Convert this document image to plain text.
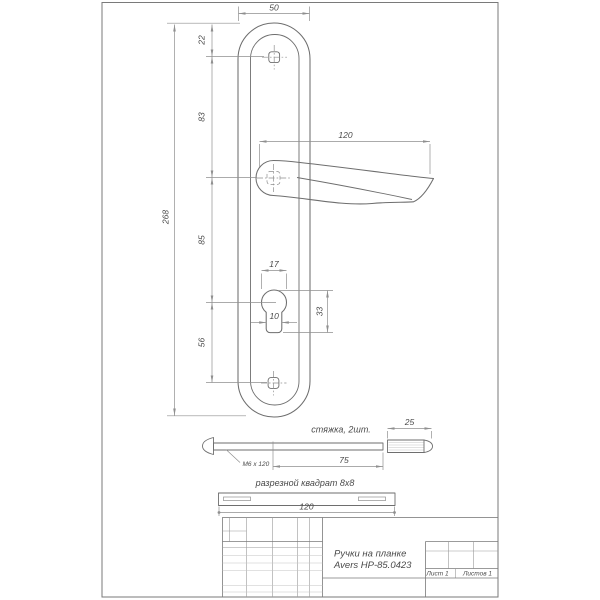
50
22
83
85
56
268
120
17
10	33
стяжка, 2шт.
75
M6 x 120
25
разрезной квадрат 8x8
120
Ручки на планке
Avers HP-85.0423
Лист 1 Листов 1
